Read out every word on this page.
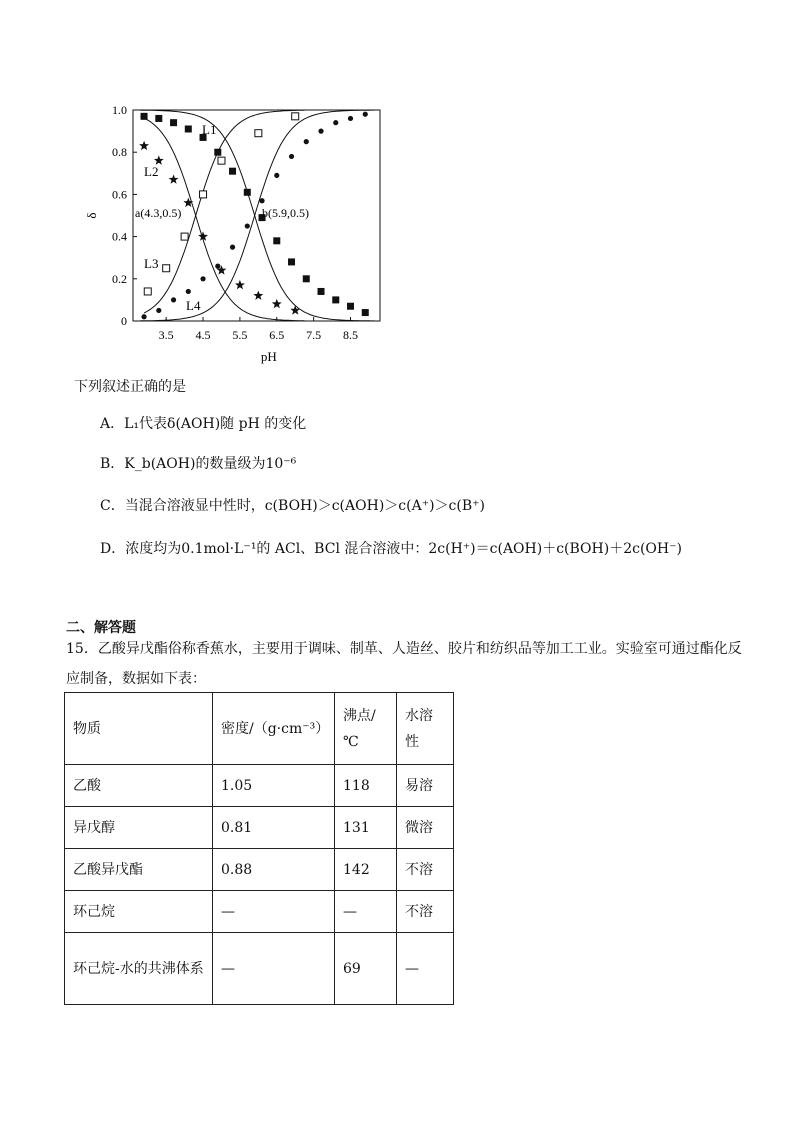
3.5 4.5 5.5 6.5 7.5 8.5
0
0.2
0.4
0.6
0.8
1.0
pH
δ
L1
L2
L3
L4
a(4.3,0.5)	b(5.9,0.5)
下列叙述正确的是
A．L₁代表δ(AOH)随 pH 的变化
B．K_b(AOH)的数量级为10⁻⁶
C．当混合溶液显中性时，c(BOH)＞c(AOH)＞c(A⁺)＞c(B⁺)
D．浓度均为0.1mol·L⁻¹的 ACl、BCl 混合溶液中：2c(H⁺)＝c(AOH)＋c(BOH)＋2c(OH⁻)
二、解答题
15．乙酸异戊酯俗称香蕉水，主要用于调味、制革、人造丝、胶片和纺织品等加工工业。实验室可通过酯化反应制备，数据如下表：
物质	密度/（g·cm⁻³）	沸点/℃	水溶性
乙酸	1.05	118	易溶
异戊醇	0.81	131	微溶
乙酸异戊酯	0.88	142	不溶
环己烷	—	—	不溶
环己烷-水的共沸体系	—	69	—
